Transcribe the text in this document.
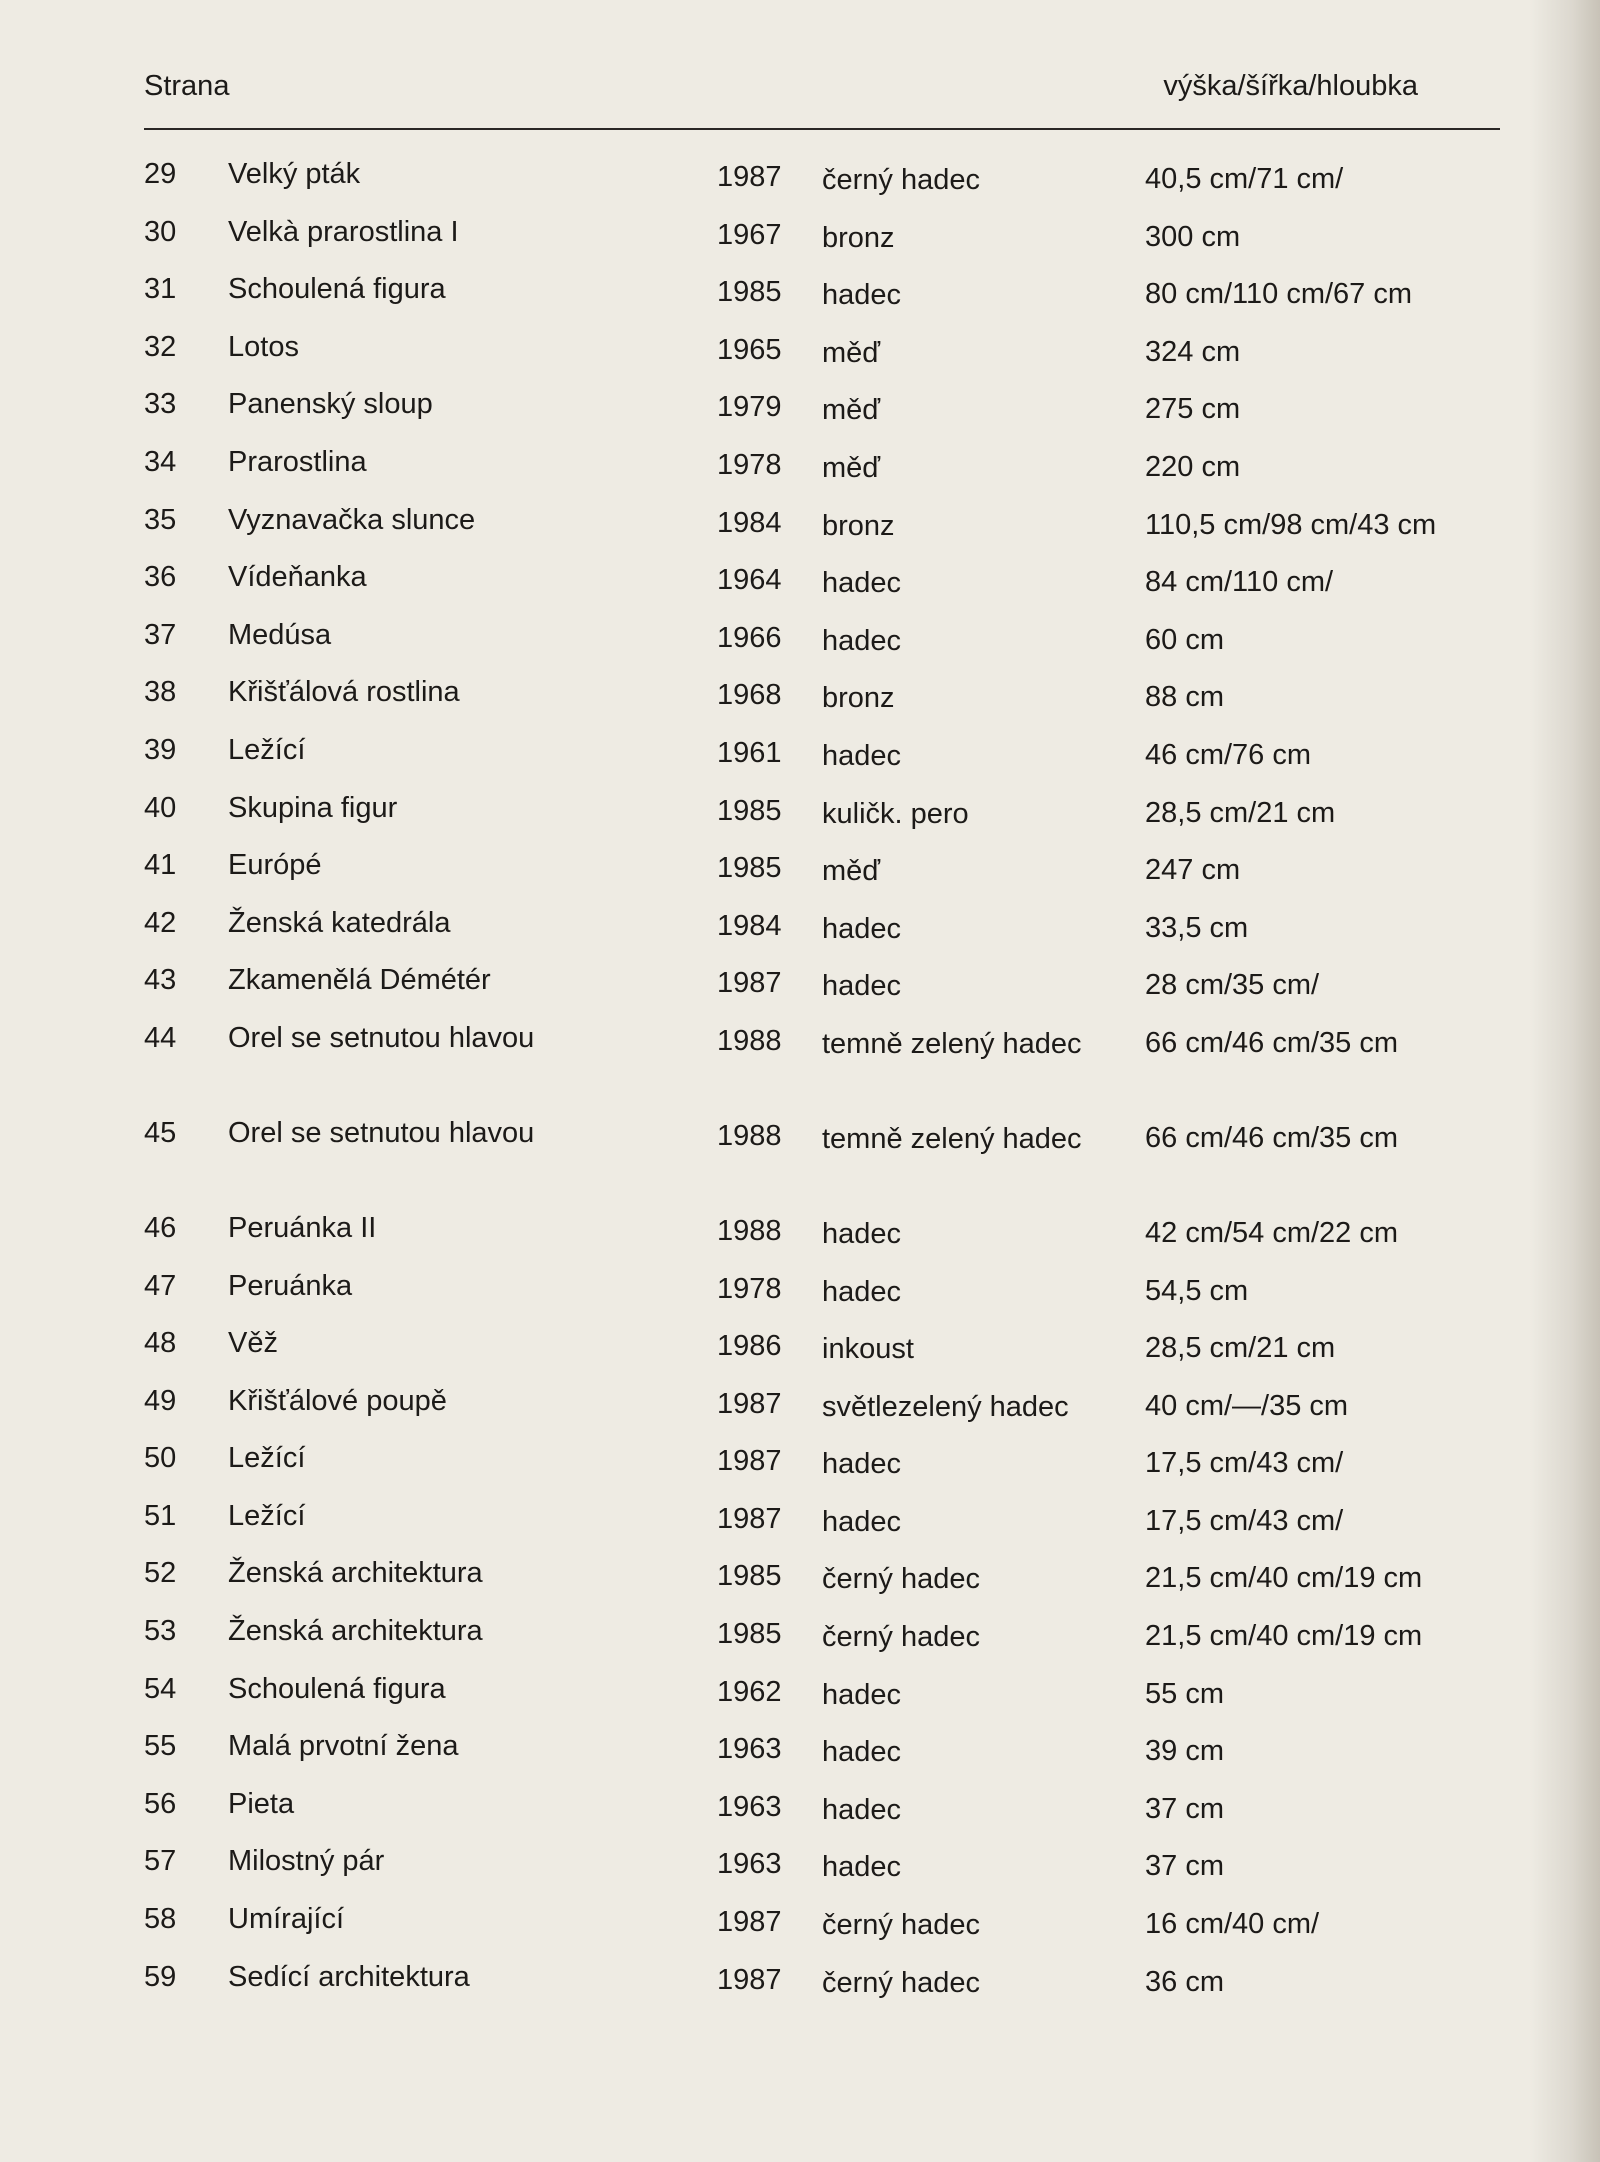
Strana	výška/šířka/hloubka
29 Velký pták	1987 černý hadec	40,5 cm/71 cm/
30 Velkà prarostlina I	1967 bronz	300 cm
31 Schoulená figura	1985 hadec	80 cm/110 cm/67 cm
32 Lotos	1965 měď	324 cm
33 Panenský sloup	1979 měď	275 cm
34 Prarostlina	1978 měď	220 cm
35 Vyznavačka slunce	1984 bronz	110,5 cm/98 cm/43 cm
36 Vídeňanka	1964 hadec	84 cm/110 cm/
37 Medúsa	1966 hadec	60 cm
38 Křišťálová rostlina	1968 bronz	88 cm
39 Ležící	1961 hadec	46 cm/76 cm
40 Skupina figur	1985 kuličk. pero	28,5 cm/21 cm
41 Európé	1985 měď	247 cm
42 Ženská katedrála	1984 hadec	33,5 cm
43 Zkamenělá Démétér	1987 hadec	28 cm/35 cm/
44 Orel se setnutou hlavou	1988 temně zelený hadec 66 cm/46 cm/35 cm
45 Orel se setnutou hlavou	1988 temně zelený hadec 66 cm/46 cm/35 cm
46 Peruánka II	1988 hadec	42 cm/54 cm/22 cm
47 Peruánka	1978 hadec	54,5 cm
48 Věž	1986 inkoust	28,5 cm/21 cm
49 Křišťálové poupě	1987 světlezelený hadec	40 cm/—/35 cm
50 Ležící	1987 hadec	17,5 cm/43 cm/
51 Ležící	1987 hadec	17,5 cm/43 cm/
52 Ženská architektura	1985 černý hadec	21,5 cm/40 cm/19 cm
53 Ženská architektura	1985 černý hadec	21,5 cm/40 cm/19 cm
54 Schoulená figura	1962 hadec	55 cm
55 Malá prvotní žena	1963 hadec	39 cm
56 Pieta	1963 hadec	37 cm
57 Milostný pár	1963 hadec	37 cm
58 Umírající	1987 černý hadec	16 cm/40 cm/
59 Sedící architektura	1987 černý hadec	36 cm
